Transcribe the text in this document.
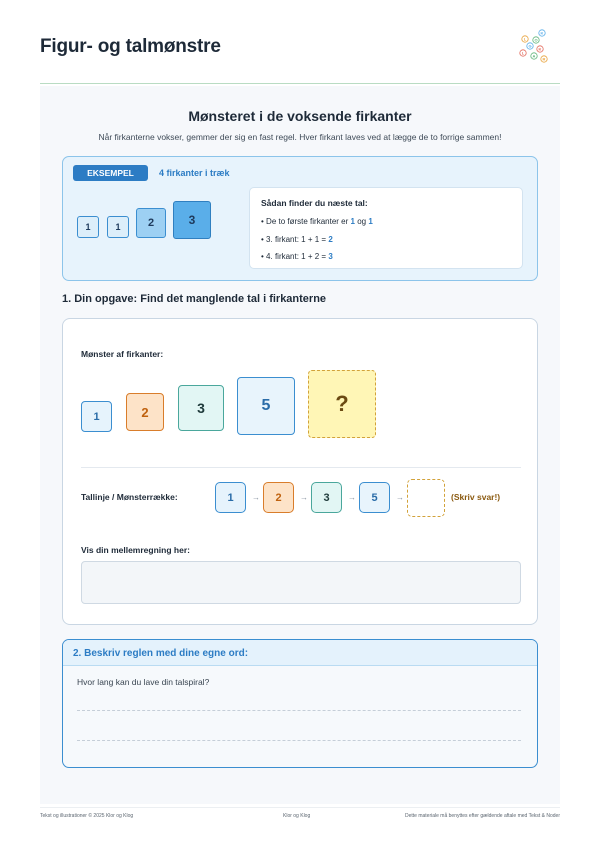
Figur- og talmønstre
K
L O
G
K
L
A
R
Mønsteret i de voksende firkanter
Når firkanterne vokser, gemmer der sig en fast regel. Hver firkant laves ved at lægge de to forrige sammen!
EKSEMPEL	4 firkanter i træk
1	1	2	3
Sådan finder du næste tal:
• De to første firkanter er 1 og 1
• 3. firkant: 1 + 1 = 2
• 4. firkant: 1 + 2 = 3
1. Din opgave: Find det manglende tal i firkanterne
Mønster af firkanter:
1	2	3	5	?
Tallinje / Mønsterrække:	1	→	2	→	3	→	5	→	(Skriv svar!)
Vis din mellemregning her:
2. Beskriv reglen med dine egne ord:
Hvor lang kan du lave din talspiral?
Tekst og illustrationer © 2025 Klor og Klog	Klor og Klog	Dette materiale må benyttes efter gældende aftale med Tekst & Noder
